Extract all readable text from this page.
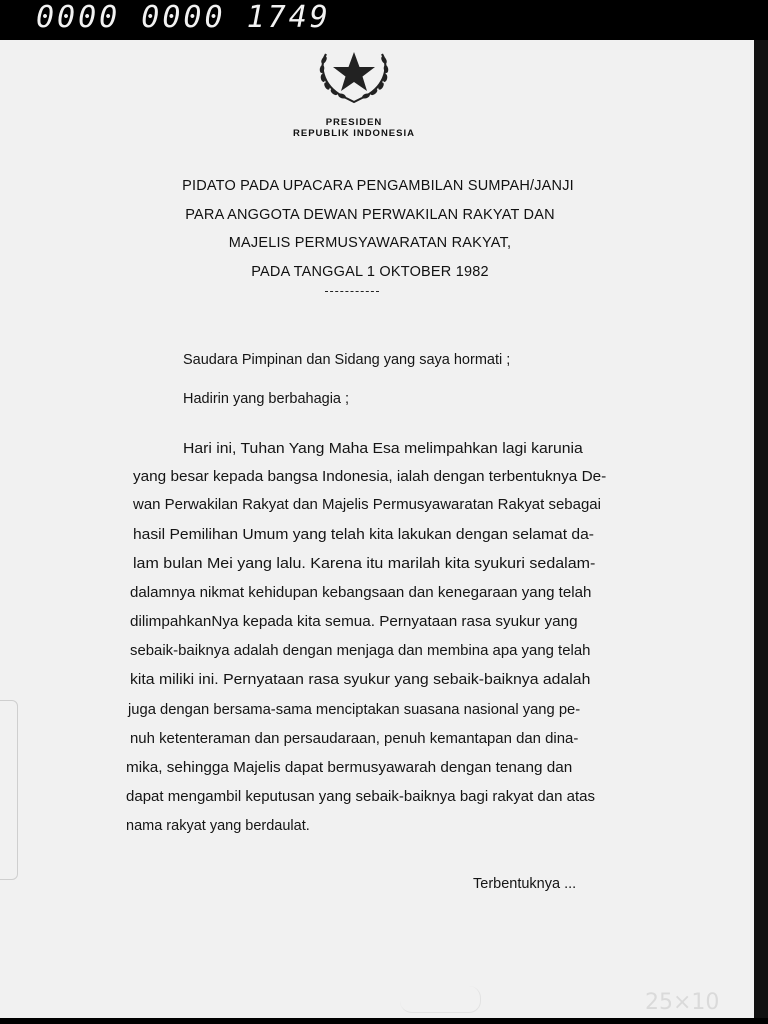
0000 0000 1749
PRESIDEN
REPUBLIK INDONESIA
PIDATO PADA UPACARA PENGAMBILAN SUMPAH/JANJI
PARA ANGGOTA DEWAN PERWAKILAN RAKYAT DAN
MAJELIS PERMUSYAWARATAN RAKYAT,
PADA TANGGAL 1 OKTOBER 1982
Saudara Pimpinan dan Sidang yang saya hormati ;
Hadirin yang berbahagia ;
Hari ini, Tuhan Yang Maha Esa melimpahkan lagi karunia
yang besar kepada bangsa Indonesia, ialah dengan terbentuknya De-
wan Perwakilan Rakyat dan Majelis Permusyawaratan Rakyat sebagai
hasil Pemilihan Umum yang telah kita lakukan dengan selamat da-
lam bulan Mei yang lalu. Karena itu marilah kita syukuri sedalam-
dalamnya nikmat kehidupan kebangsaan dan kenegaraan yang telah
dilimpahkanNya kepada kita semua. Pernyataan rasa syukur yang
sebaik-baiknya adalah dengan menjaga dan membina apa yang telah
kita miliki ini. Pernyataan rasa syukur yang sebaik-baiknya adalah
juga dengan bersama-sama menciptakan suasana nasional yang pe-
nuh ketenteraman dan persaudaraan, penuh kemantapan dan dina-
mika, sehingga Majelis dapat bermusyawarah dengan tenang dan
dapat mengambil keputusan yang sebaik-baiknya bagi rakyat dan atas
nama rakyat yang berdaulat.
Terbentuknya ...
25×10
